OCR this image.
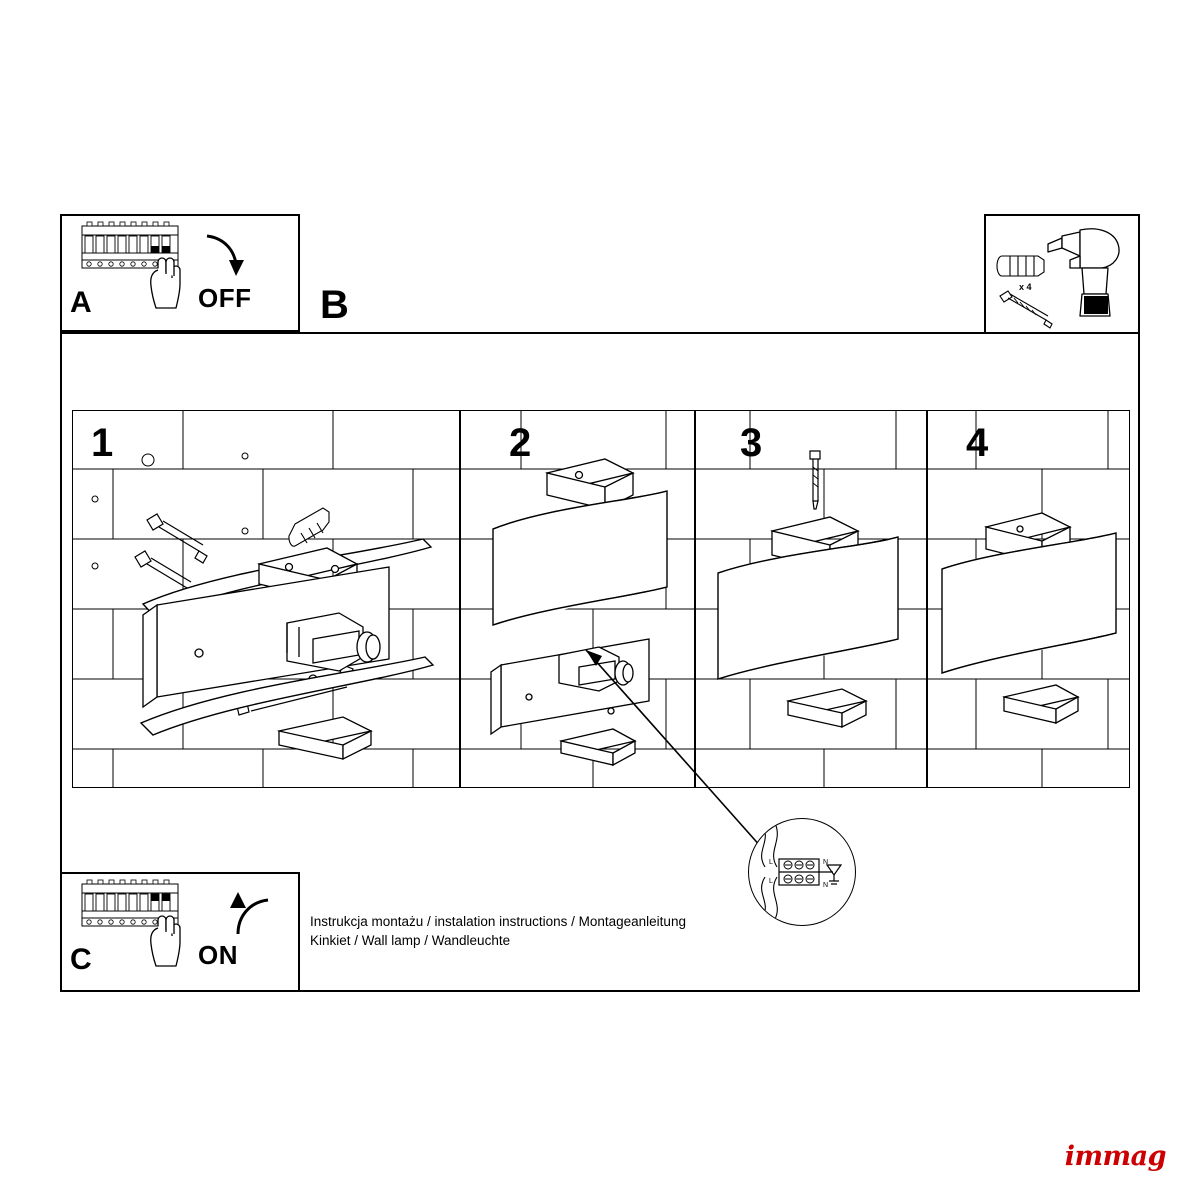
A	OFF	x 4
B
1	2	3	4
L
L
N
N
Instrukcja montażu / instalation instructions / Montageanleitung
Kinkiet / Wall lamp / Wandleuchte
C	ON
immag
